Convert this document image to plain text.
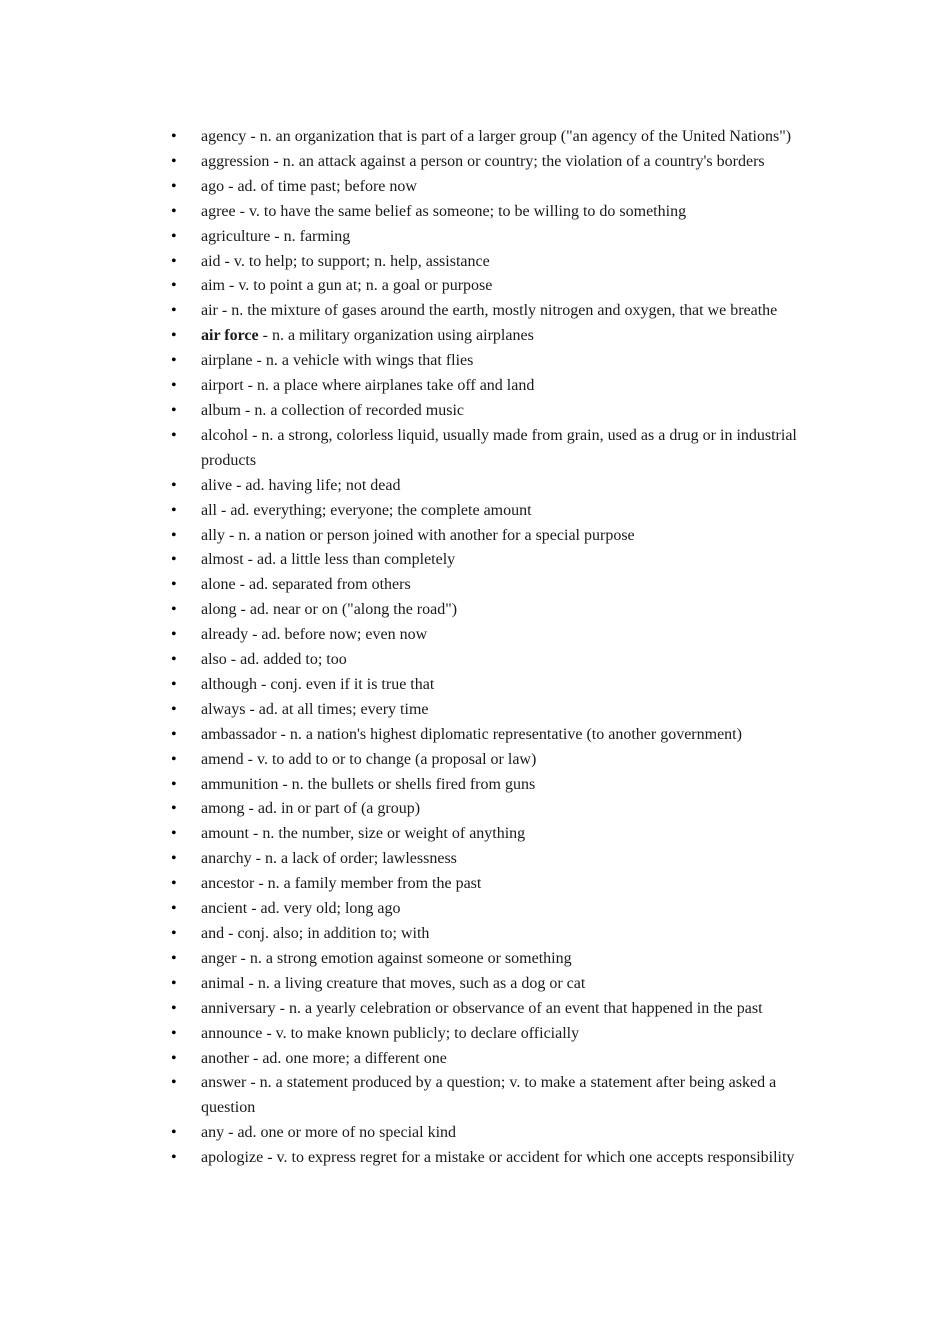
• agency - n. an organization that is part of a larger group ("an agency of the United Nations")
• aggression - n. an attack against a person or country; the violation of a country's borders
• ago - ad. of time past; before now
• agree - v. to have the same belief as someone; to be willing to do something
• agriculture - n. farming
• aid - v. to help; to support; n. help, assistance
• aim - v. to point a gun at; n. a goal or purpose
• air - n. the mixture of gases around the earth, mostly nitrogen and oxygen, that we breathe
• air force - n. a military organization using airplanes
• airplane - n. a vehicle with wings that flies
• airport - n. a place where airplanes take off and land
• album - n. a collection of recorded music
• alcohol - n. a strong, colorless liquid, usually made from grain, used as a drug or in industrial products
• alive - ad. having life; not dead
• all - ad. everything; everyone; the complete amount
• ally - n. a nation or person joined with another for a special purpose
• almost - ad. a little less than completely
• alone - ad. separated from others
• along - ad. near or on ("along the road")
• already - ad. before now; even now
• also - ad. added to; too
• although - conj. even if it is true that
• always - ad. at all times; every time
• ambassador - n. a nation's highest diplomatic representative (to another government)
• amend - v. to add to or to change (a proposal or law)
• ammunition - n. the bullets or shells fired from guns
• among - ad. in or part of (a group)
• amount - n. the number, size or weight of anything
• anarchy - n. a lack of order; lawlessness
• ancestor - n. a family member from the past
• ancient - ad. very old; long ago
• and - conj. also; in addition to; with
• anger - n. a strong emotion against someone or something
• animal - n. a living creature that moves, such as a dog or cat
• anniversary - n. a yearly celebration or observance of an event that happened in the past
• announce - v. to make known publicly; to declare officially
• another - ad. one more; a different one
• answer - n. a statement produced by a question; v. to make a statement after being asked a question
• any - ad. one or more of no special kind
• apologize - v. to express regret for a mistake or accident for which one accepts responsibility
